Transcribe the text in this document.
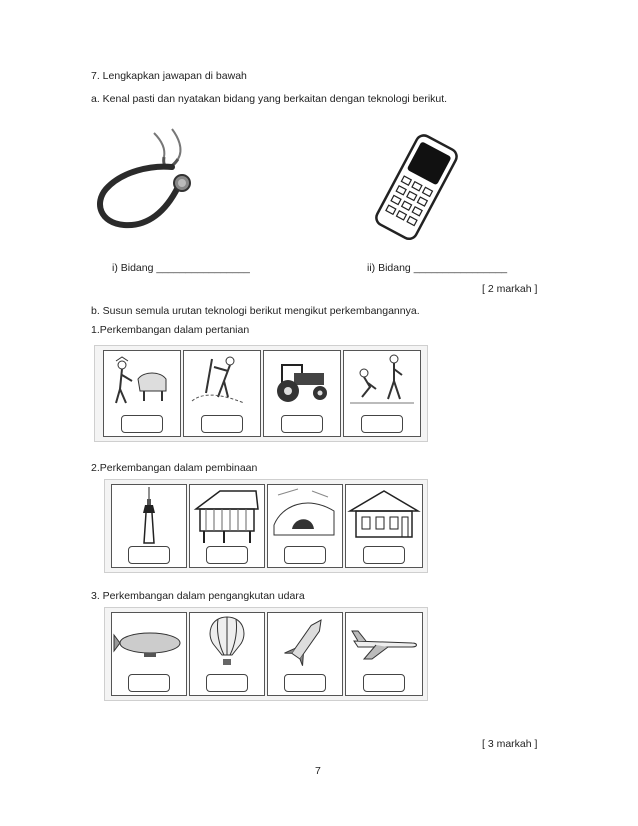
7. Lengkapkan jawapan di bawah
a. Kenal pasti dan nyatakan bidang yang berkaitan dengan teknologi berikut.
i) Bidang ________________	ii) Bidang ________________
[ 2 markah ]
b. Susun semula urutan teknologi berikut mengikut perkembangannya.
1.Perkembangan dalam pertanian
2.Perkembangan dalam pembinaan
3. Perkembangan dalam pengangkutan udara
[ 3 markah ]
7
